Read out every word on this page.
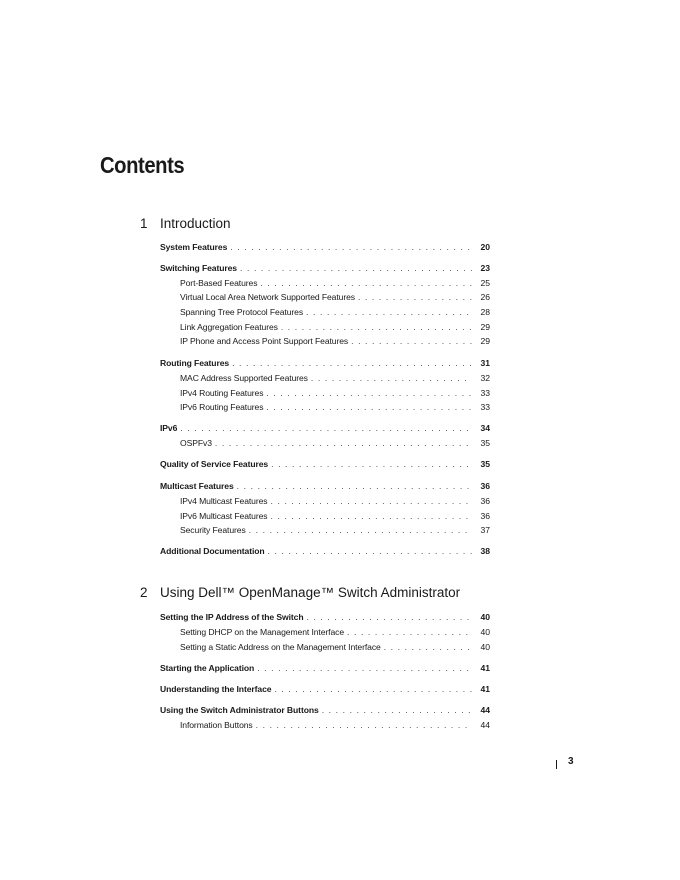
Contents
1 Introduction
System Features . . .	20
Switching Features . . .	23
Port-Based Features . . .	25
Virtual Local Area Network Supported Features . . .	26
Spanning Tree Protocol Features . . .	28
Link Aggregation Features . . .	29
IP Phone and Access Point Support Features . . .	29
Routing Features . . .	31
MAC Address Supported Features . . .	32
IPv4 Routing Features . . .	33
IPv6 Routing Features . . .	33
IPv6 . . .	34
OSPFv3 . . .	35
Quality of Service Features . . .	35
Multicast Features . . .	36
IPv4 Multicast Features . . .	36
IPv6 Multicast Features . . .	36
Security Features . . .	37
Additional Documentation . . .	38
2 Using Dell™ OpenManage™ Switch Administrator
Setting the IP Address of the Switch . . .	40
Setting DHCP on the Management Interface . . .	40
Setting a Static Address on the Management Interface . . .	40
Starting the Application . . .	41
Understanding the Interface . . .	41
Using the Switch Administrator Buttons . . .	44
Information Buttons . . .	44
3
